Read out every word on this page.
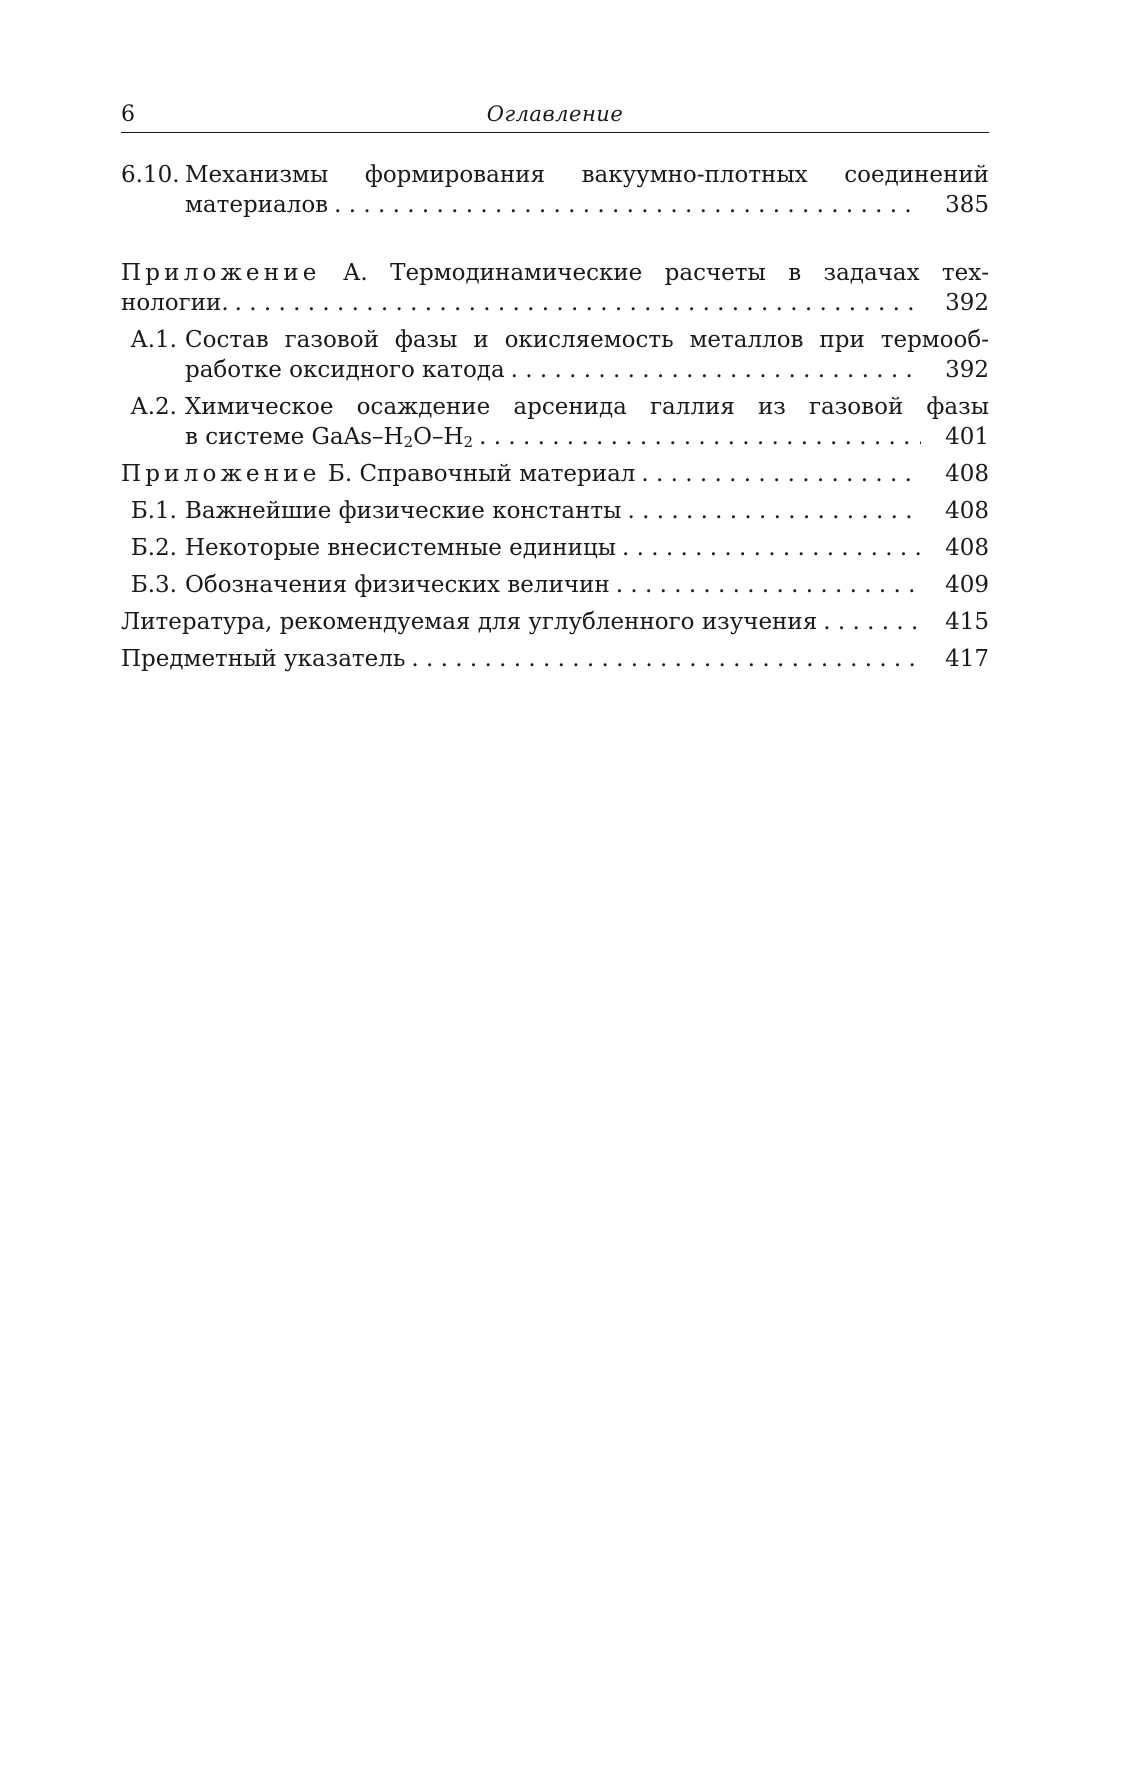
6	Оглавление
6.10. Механизмы формирования вакуумно-плотных соединений
материалов . . .	385
Приложение А. Термодинамические расчеты в задачах тех-
нологии. . . .	392
А.1. Состав газовой фазы и окисляемость металлов при термооб-
работке оксидного катода . . .	392
А.2. Химическое осаждение арсенида галлия из газовой фазы
в системе GaAs–$H_2O-H_2$ . . .	401
Приложение Б. Справочный материал . . .	408
Б.1. Важнейшие физические константы . . .	408
Б.2. Некоторые внесистемные единицы . . .	408
Б.3. Обозначения физических величин . . .	409
Литература, рекомендуемая для углубленного изучения . . .	415
Предметный указатель . . .	417
